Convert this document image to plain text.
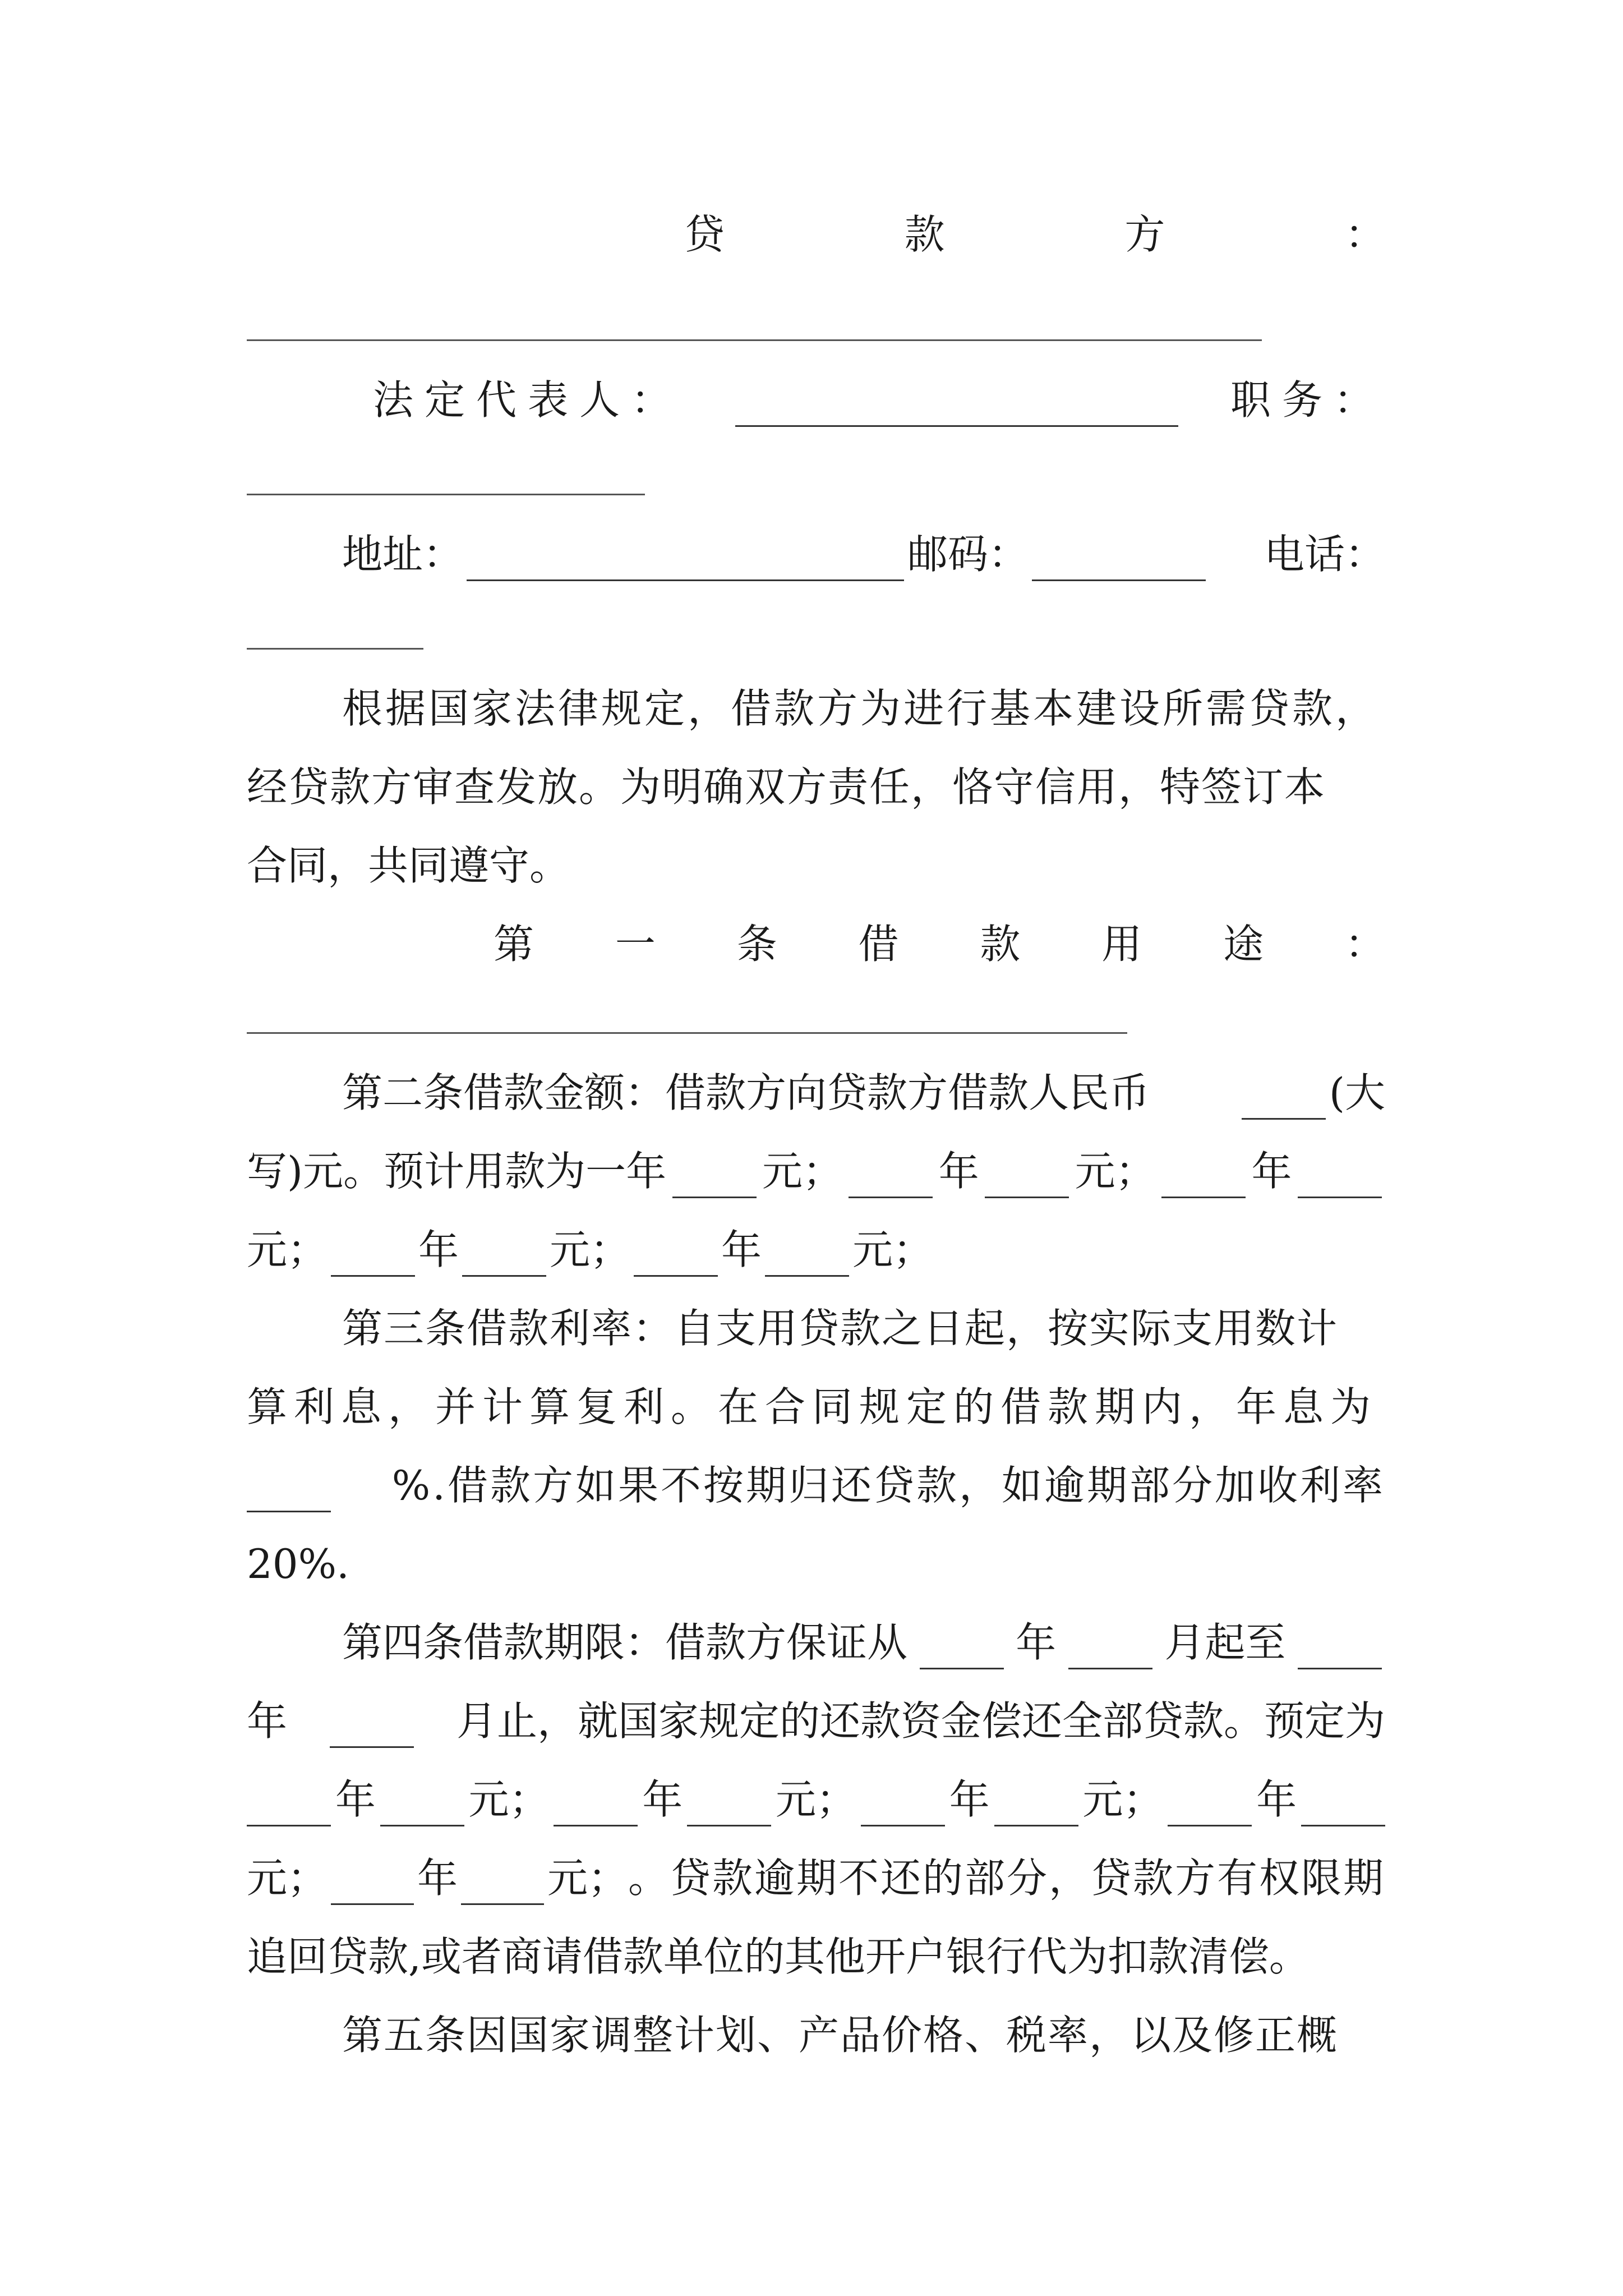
贷	款	方	：
法定代表人：	职务：
地址：	邮码：	电话：
根据国家法律规定，借款方为进行基本建设所需贷款，
经贷款方审查发放。为明确双方责任，恪守信用，特签订本
合同，共同遵守。
第 一 条 借 款 用 途 ：
第二条借款金额：借款方向贷款方借款人民币	(大
写)元。预计用款为一年 元； 年 元； 年
元； 年 元； 年 元；
第三条借款利率：自支用贷款之日起，按实际支用数计
算利息，并计算复利。在合同规定的借款期内，年息为
%.借款方如果不按期归还贷款，如逾期部分加收利率
20%.
第四条借款期限：借款方保证从	年	月起至
年	月止，就国家规定的还款资金偿还全部贷款。预定为
年 元； 年 元； 年 元； 年
元； 年 元； 。贷款逾期不还的部分，贷款方有权限期
追回贷款,或者商请借款单位的其他开户银行代为扣款清偿。
第五条因国家调整计划、产品价格、税率，以及修正概
